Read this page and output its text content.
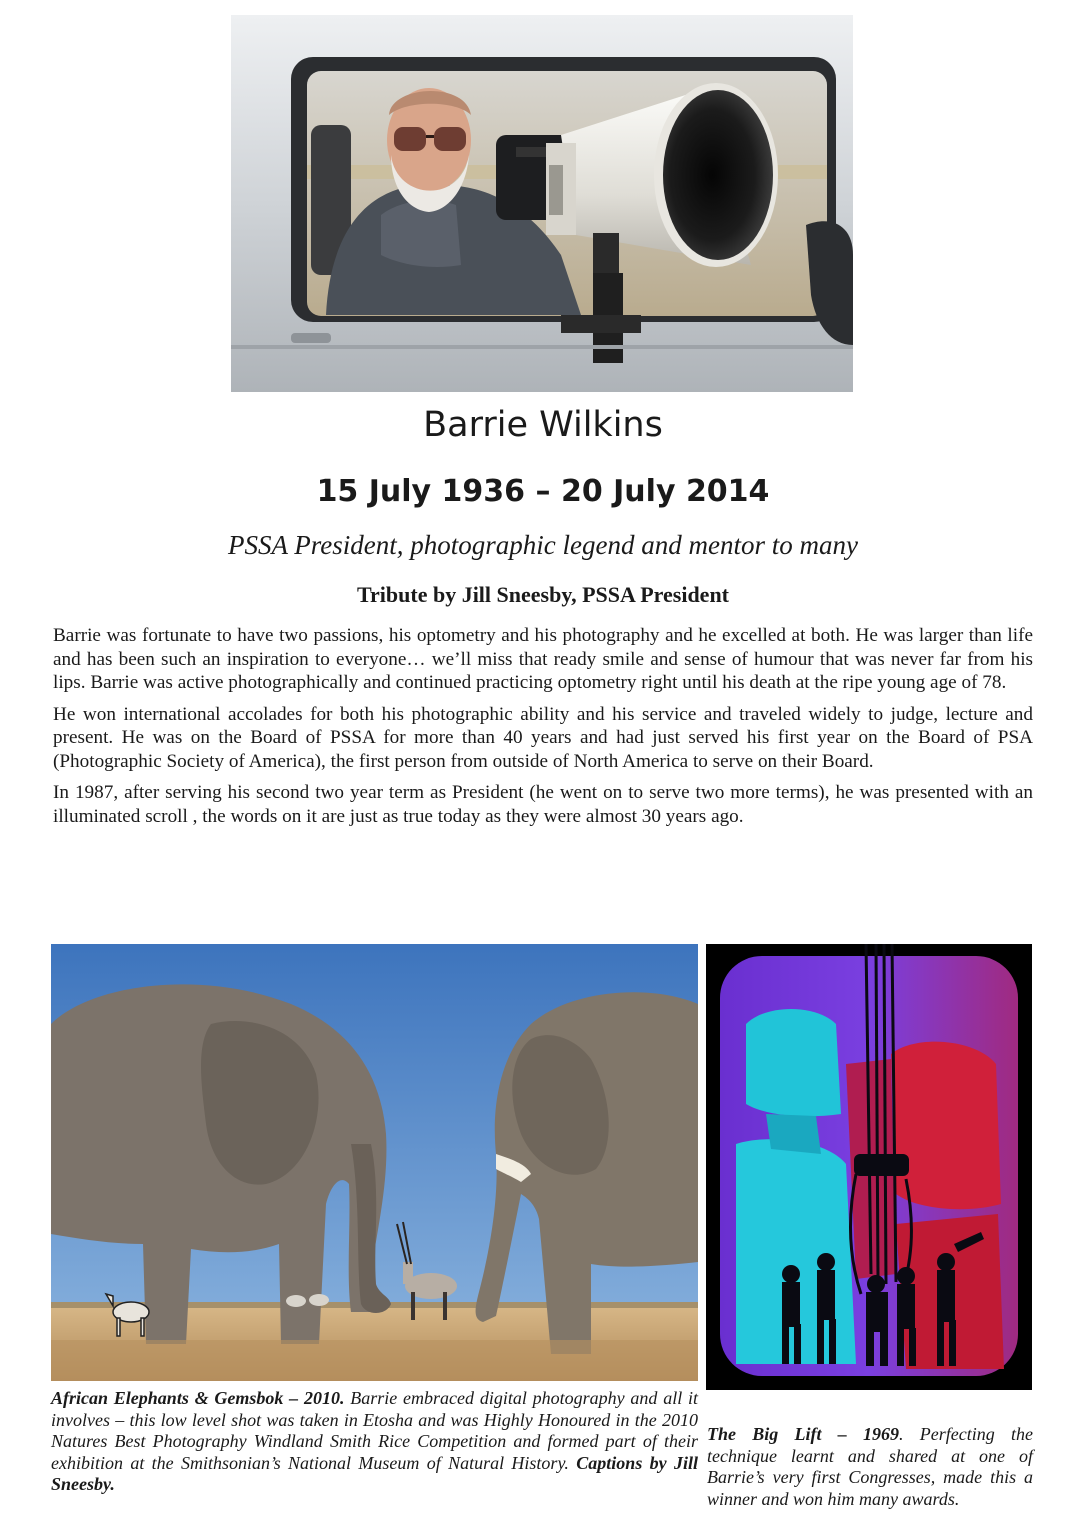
Barrie Wilkins
15 July 1936 – 20 July 2014

PSSA President, photographic legend and mentor to many

Tribute by Jill Sneesby, PSSA President

Barrie was fortunate to have two passions, his optometry and his photography and he excelled at both. He was larger than life and has been such an inspiration to everyone… we’ll miss that ready smile and sense of humour that was never far from his lips. Barrie was active photographically and continued practicing optometry right until his death at the ripe young age of 78.

He won international accolades for both his photographic ability and his service and traveled widely to judge, lecture and present. He was on the Board of PSSA for more than 40 years and had just served his first year on the Board of PSA (Photographic Society of America), the first person from outside of North America to serve on their Board.

In 1987, after serving his second two year term as President (he went on to serve two more terms), he was presented with an illuminated scroll , the words on it are just as true today as they were almost 30 years ago.

African Elephants & Gemsbok – 2010. Barrie embraced digital photography and all it involves – this low level shot was taken in Etosha and was Highly Honoured in the 2010 Natures Best Photography Windland Smith Rice Competition and formed part of their exhibition at the Smithsonian’s National Museum of Natural History. Captions by Jill Sneesby.

The Big Lift – 1969. Perfecting the technique learnt and shared at one of Barrie’s very first Congresses, made this a winner and won him many awards.
